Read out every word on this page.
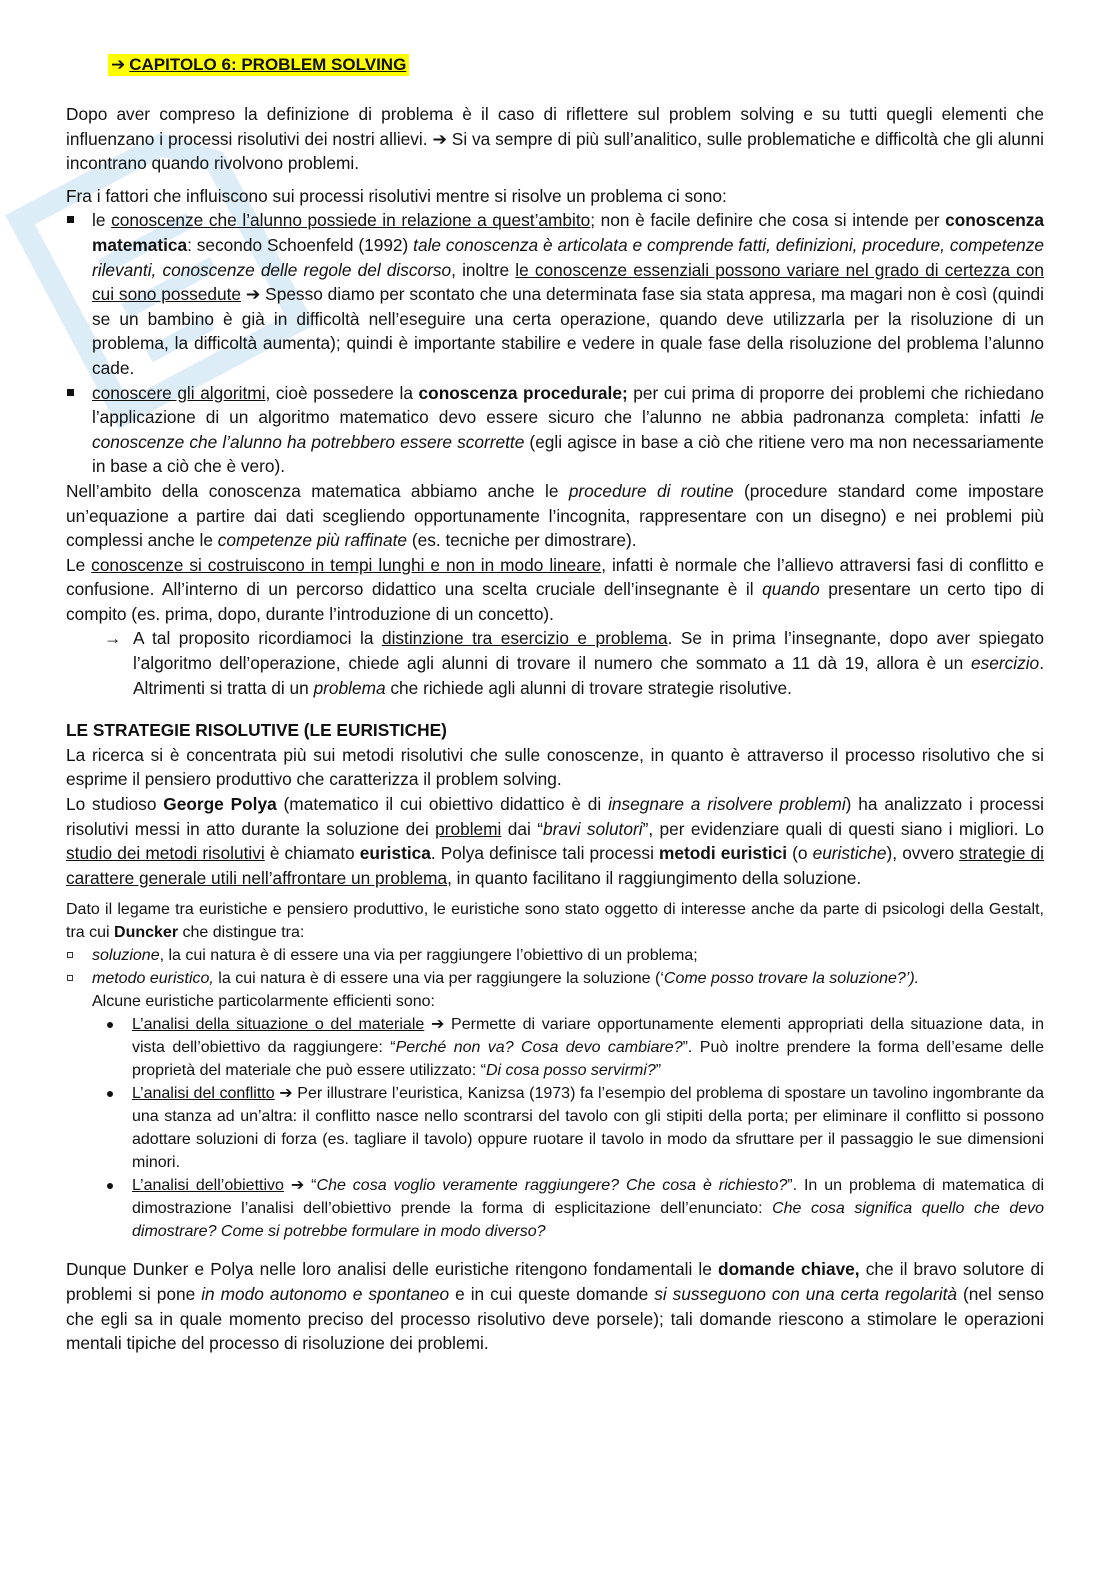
➔ CAPITOLO 6: PROBLEM SOLVING

Dopo aver compreso la definizione di problema è il caso di riflettere sul problem solving e su tutti quegli elementi che influenzano i processi risolutivi dei nostri allievi. ➔ Si va sempre di più sull’analitico, sulle problematiche e difficoltà che gli alunni incontrano quando rivolvono problemi.

Fra i fattori che influiscono sui processi risolutivi mentre si risolve un problema ci sono:

le conoscenze che l’alunno possiede in relazione a quest’ambito; non è facile definire che cosa si intende per conoscenza matematica: secondo Schoenfeld (1992) tale conoscenza è articolata e comprende fatti, definizioni, procedure, competenze rilevanti, conoscenze delle regole del discorso, inoltre le conoscenze essenziali possono variare nel grado di certezza con cui sono possedute ➔ Spesso diamo per scontato che una determinata fase sia stata appresa, ma magari non è così (quindi se un bambino è già in difficoltà nell’eseguire una certa operazione, quando deve utilizzarla per la risoluzione di un problema, la difficoltà aumenta); quindi è importante stabilire e vedere in quale fase della risoluzione del problema l’alunno cade.
conoscere gli algoritmi, cioè possedere la conoscenza procedurale; per cui prima di proporre dei problemi che richiedano l’applicazione di un algoritmo matematico devo essere sicuro che l’alunno ne abbia padronanza completa: infatti le conoscenze che l’alunno ha potrebbero essere scorrette (egli agisce in base a ciò che ritiene vero ma non necessariamente in base a ciò che è vero).

Nell’ambito della conoscenza matematica abbiamo anche le procedure di routine (procedure standard come impostare un’equazione a partire dai dati scegliendo opportunamente l’incognita, rappresentare con un disegno) e nei problemi più complessi anche le competenze più raffinate (es. tecniche per dimostrare).

Le conoscenze si costruiscono in tempi lunghi e non in modo lineare, infatti è normale che l’allievo attraversi fasi di conflitto e confusione. All’interno di un percorso didattico una scelta cruciale dell’insegnante è il quando presentare un certo tipo di compito (es. prima, dopo, durante l’introduzione di un concetto).

→ A tal proposito ricordiamoci la distinzione tra esercizio e problema. Se in prima l’insegnante, dopo aver spiegato l’algoritmo dell’operazione, chiede agli alunni di trovare il numero che sommato a 11 dà 19, allora è un esercizio. Altrimenti si tratta di un problema che richiede agli alunni di trovare strategie risolutive.

LE STRATEGIE RISOLUTIVE (LE EURISTICHE)

La ricerca si è concentrata più sui metodi risolutivi che sulle conoscenze, in quanto è attraverso il processo risolutivo che si esprime il pensiero produttivo che caratterizza il problem solving.

Lo studioso George Polya (matematico il cui obiettivo didattico è di insegnare a risolvere problemi) ha analizzato i processi risolutivi messi in atto durante la soluzione dei problemi dai “bravi solutori”, per evidenziare quali di questi siano i migliori. Lo studio dei metodi risolutivi è chiamato euristica. Polya definisce tali processi metodi euristici (o euristiche), ovvero strategie di carattere generale utili nell’affrontare un problema, in quanto facilitano il raggiungimento della soluzione.

Dato il legame tra euristiche e pensiero produttivo, le euristiche sono stato oggetto di interesse anche da parte di psicologi della Gestalt, tra cui Duncker che distingue tra:

soluzione, la cui natura è di essere una via per raggiungere l’obiettivo di un problema;
metodo euristico, la cui natura è di essere una via per raggiungere la soluzione (‘Come posso trovare la soluzione?’).

Alcune euristiche particolarmente efficienti sono:

L’analisi della situazione o del materiale ➔ Permette di variare opportunamente elementi appropriati della situazione data, in vista dell’obiettivo da raggiungere: “Perché non va? Cosa devo cambiare?”. Può inoltre prendere la forma dell’esame delle proprietà del materiale che può essere utilizzato: “Di cosa posso servirmi?”
L’analisi del conflitto ➔ Per illustrare l’euristica, Kanizsa (1973) fa l’esempio del problema di spostare un tavolino ingombrante da una stanza ad un’altra: il conflitto nasce nello scontrarsi del tavolo con gli stipiti della porta; per eliminare il conflitto si possono adottare soluzioni di forza (es. tagliare il tavolo) oppure ruotare il tavolo in modo da sfruttare per il passaggio le sue dimensioni minori.
L’analisi dell’obiettivo ➔ “Che cosa voglio veramente raggiungere? Che cosa è richiesto?”. In un problema di matematica di dimostrazione l’analisi dell’obiettivo prende la forma di esplicitazione dell’enunciato: Che cosa significa quello che devo dimostrare? Come si potrebbe formulare in modo diverso?

Dunque Dunker e Polya nelle loro analisi delle euristiche ritengono fondamentali le domande chiave, che il bravo solutore di problemi si pone in modo autonomo e spontaneo e in cui queste domande si susseguono con una certa regolarità (nel senso che egli sa in quale momento preciso del processo risolutivo deve porsele); tali domande riescono a stimolare le operazioni mentali tipiche del processo di risoluzione dei problemi.
